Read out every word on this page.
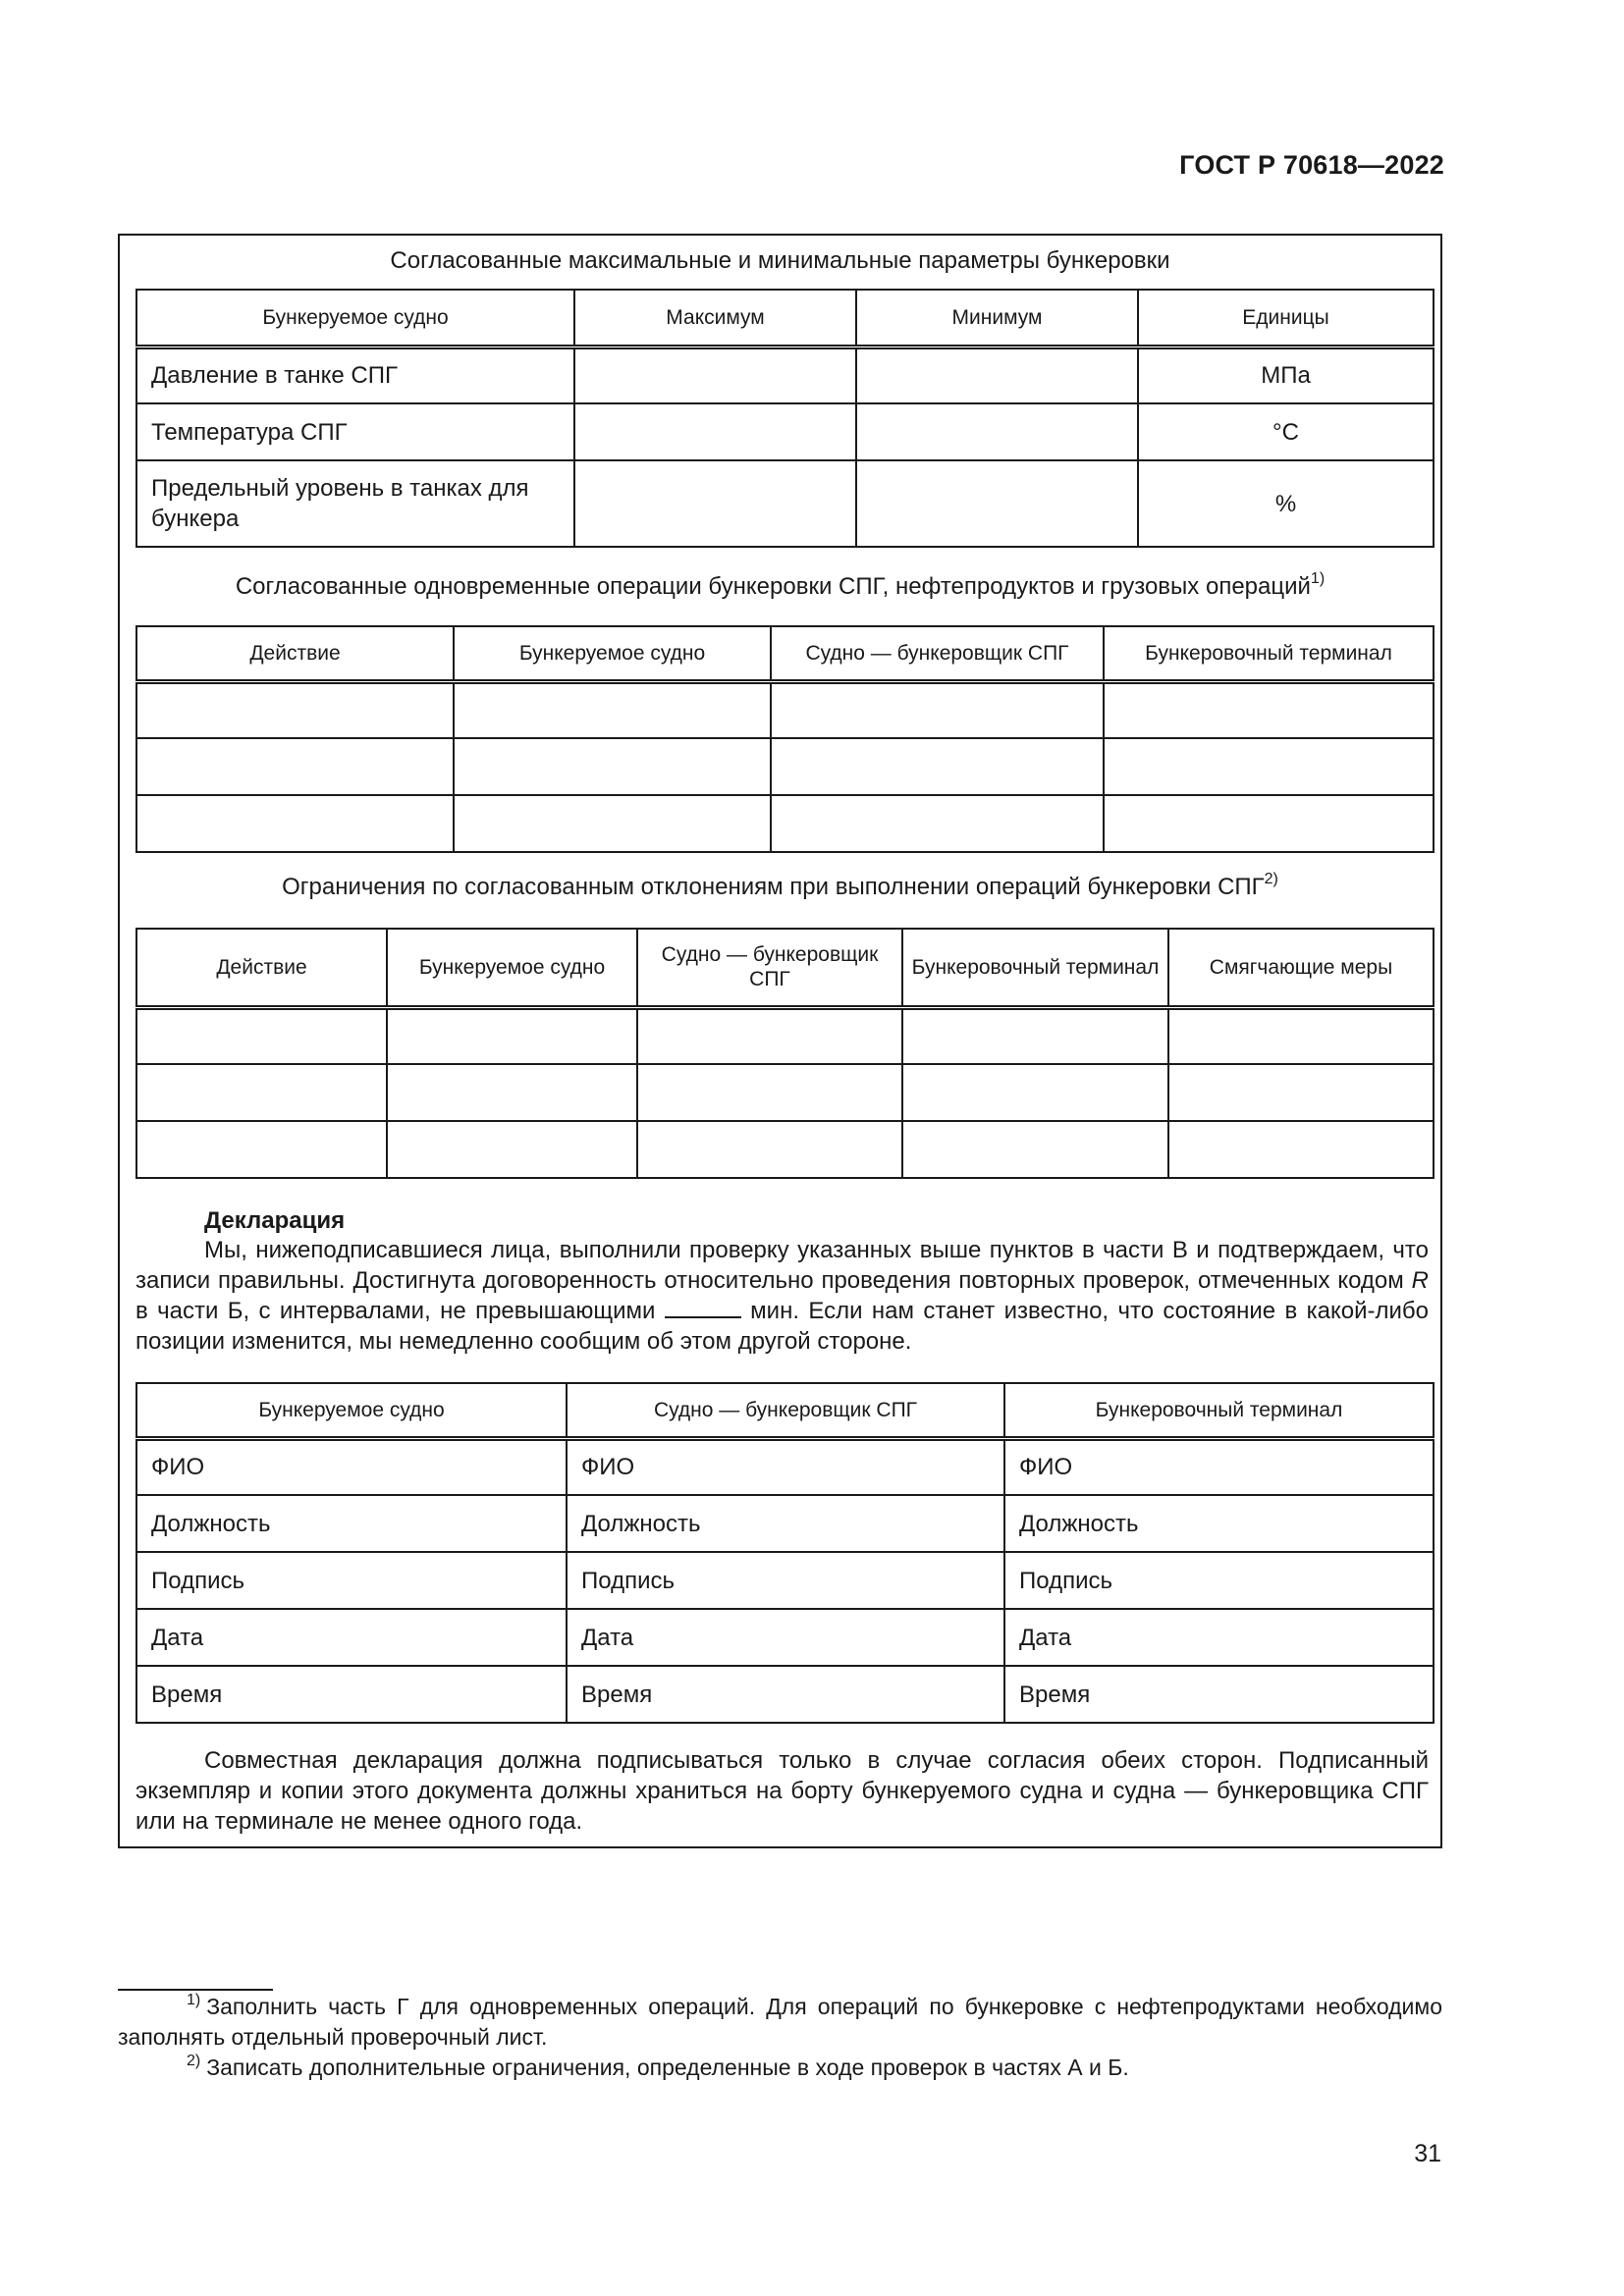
ГОСТ Р 70618—2022
Согласованные максимальные и минимальные параметры бункеровки
Бункеруемое судно	Максимум	Минимум	Единицы
Давление в танке СПГ			МПа
Температура СПГ			°С
Предельный уровень в танках для бункера			%
Согласованные одновременные операции бункеровки СПГ, нефтепродуктов и грузовых операций$^{1)}$
Действие	Бункеруемое судно	Судно — бункеровщик СПГ	Бункеровочный терминал

Ограничения по согласованным отклонениям при выполнении операций бункеровки СПГ$^{2)}$
Действие	Бункеруемое судно	Судно — бункеровщик СПГ	Бункеровочный терминал	Смягчающие меры

Декларация
Мы, нижеподписавшиеся лица, выполнили проверку указанных выше пунктов в части В и подтверждаем, что записи правильны. Достигнута договоренность относительно проведения повторных проверок, отмеченных кодом R в части Б, с интервалами, не превышающими	мин. Если нам станет известно, что состояние в какой-либо позиции изменится, мы немедленно сообщим об этом другой стороне.
Бункеруемое судно	Судно — бункеровщик СПГ	Бункеровочный терминал
ФИО	ФИО	ФИО
Должность	Должность	Должность
Подпись	Подпись	Подпись
Дата	Дата	Дата
Время	Время	Время
Совместная декларация должна подписываться только в случае согласия обеих сторон. Подписанный экземпляр и копии этого документа должны храниться на борту бункеруемого судна и судна — бункеровщика СПГ или на терминале не менее одного года.

$^{1)}$ Заполнить часть Г для одновременных операций. Для операций по бункеровке с нефтепродуктами необходимо заполнять отдельный проверочный лист.

$^{2)}$ Записать дополнительные ограничения, определенные в ходе проверок в частях А и Б.

31
